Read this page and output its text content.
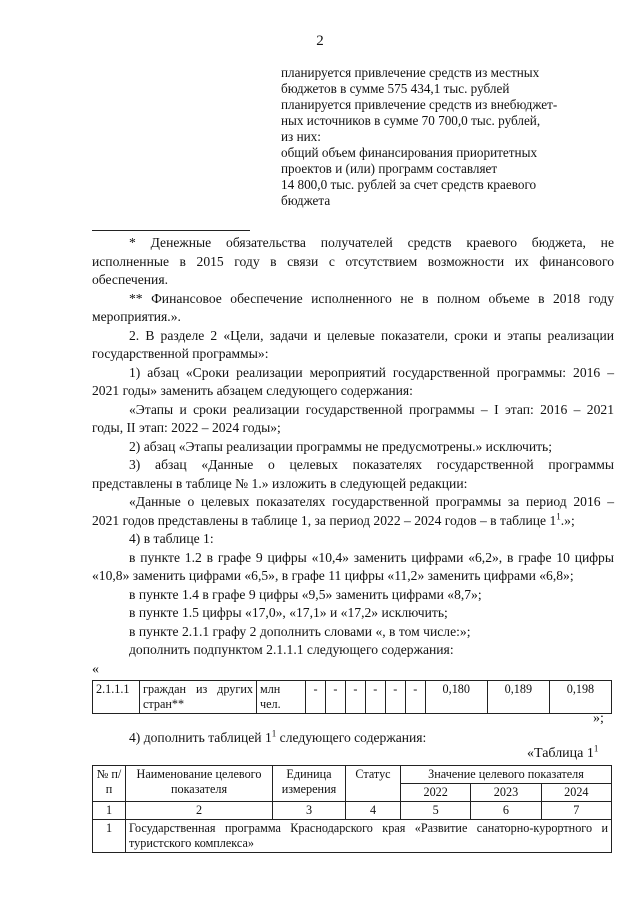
2
планируется привлечение средств из местных
бюджетов в сумме 575 434,1 тыс. рублей
планируется привлечение средств из внебюджет-
ных источников в сумме 70 700,0 тыс. рублей,
из них:
общий объем финансирования приоритетных
проектов и (или) программ составляет
14 800,0 тыс. рублей за счет средств краевого
бюджета

* Денежные обязательства получателей средств краевого бюджета, не исполненные в 2015 году в связи с отсутствием возможности их финансового обеспечения.

** Финансовое обеспечение исполненного не в полном объеме в 2018 году мероприятия.».

2. В разделе 2 «Цели, задачи и целевые показатели, сроки и этапы реализации государственной программы»:

1) абзац «Сроки реализации мероприятий государственной программы: 2016 – 2021 годы» заменить абзацем следующего содержания:

«Этапы и сроки реализации государственной программы – I этап: 2016 – 2021 годы, II этап: 2022 – 2024 годы»;

2) абзац «Этапы реализации программы не предусмотрены.» исключить;

3) абзац «Данные о целевых показателях государственной программы представлены в таблице № 1.» изложить в следующей редакции:

«Данные о целевых показателях государственной программы за период 2016 – 2021 годов представлены в таблице 1, за период 2022 – 2024 годов – в таблице $1^1$.»;

4) в таблице 1:

в пункте 1.2 в графе 9 цифры «10,4» заменить цифрами «6,2», в графе 10 цифры «10,8» заменить цифрами «6,5», в графе 11 цифры «11,2» заменить цифрами «6,8»;

в пункте 1.4 в графе 9 цифры «9,5» заменить цифрами «8,7»;

в пункте 1.5 цифры «17,0», «17,1» и «17,2» исключить;

в пункте 2.1.1 графу 2 дополнить словами «, в том числе:»;

дополнить подпунктом 2.1.1.1 следующего содержания:

«
2.1.1.1	граждан из других стран**	млн чел.	-	-	-	-	-	-	0,180	0,189	0,198
»;

4) дополнить таблицей $1^1$ следующего содержания:

«Таблица $1^1$
№ п/п	Наименование целевого показателя	Единица измерения	Статус	Значение целевого показателя		
				2022	2023	2024
1	2	3	4	5	6	7
1	Государственная программа Краснодарского края «Развитие санаторно-курортного и туристского комплекса»					
